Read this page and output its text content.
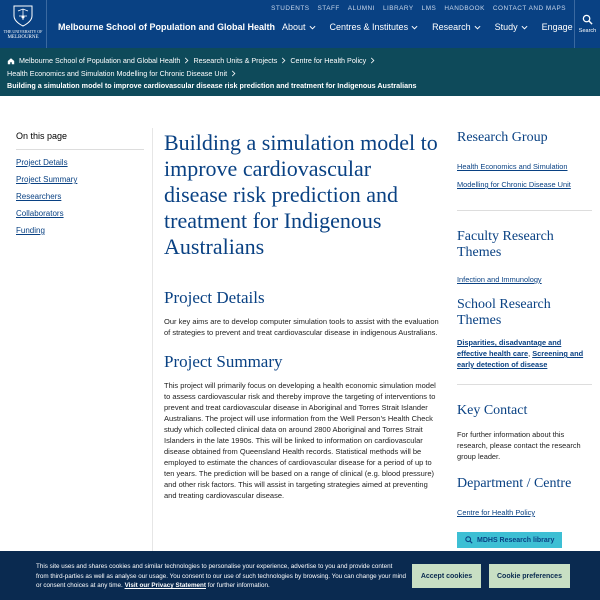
THE UNIVERSITY OF
MELBOURNE
Melbourne School of Population and Global Health
STUDENTS STAFF ALUMNI LIBRARY LMS HANDBOOK CONTACT AND MAPS
About	Centres & Institutes	Research	Study	Engage Search
Melbourne School of Population and Global Health Research Units & Projects Centre for Health Policy
Health Economics and Simulation Modelling for Chronic Disease Unit
Building a simulation model to improve cardiovascular disease risk prediction and treatment for Indigenous Australians
On this page
Project Details
Project Summary
Researchers
Collaborators
Funding
Building a simulation model to improve cardiovascular disease risk prediction and treatment for Indigenous Australians
Project Details

Our key aims are to develop computer simulation tools to assist with the evaluation of strategies to prevent and treat cardiovascular disease in indigenous Australians.

Project Summary

This project will primarily focus on developing a health economic simulation model to assess cardiovascular risk and thereby improve the targeting of interventions to prevent and treat cardiovascular disease in Aboriginal and Torres Strait Islander Australians. The project will use information from the Well Person’s Health Check study which collected clinical data on around 2800 Aboriginal and Torres Strait Islanders in the late 1990s. This will be linked to information on cardiovascular disease obtained from Queensland Health records. Statistical methods will be employed to estimate the chances of cardiovascular disease for a period of up to ten years. The prediction will be based on a range of clinical (e.g. blood pressure) and other risk factors. This will assist in targeting strategies aimed at preventing and treating cardiovascular disease.

Research Group
Health Economics and Simulation Modelling for Chronic Disease Unit
Faculty Research Themes
Infection and Immunology
School Research Themes
Disparities, disadvantage and effective health care, Screening and early detection of disease
Key Contact

For further information about this research, please contact the research group leader.

Department / Centre
Centre for Health Policy
MDHS Research library

This site uses and shares cookies and similar technologies to personalise your experience, advertise to you and provide content from third-parties as well as analyse our usage. You consent to our use of such technologies by browsing. You can change your mind or consent choices at any time. Visit our Privacy Statement for further information.

Accept cookies	Cookie preferences
